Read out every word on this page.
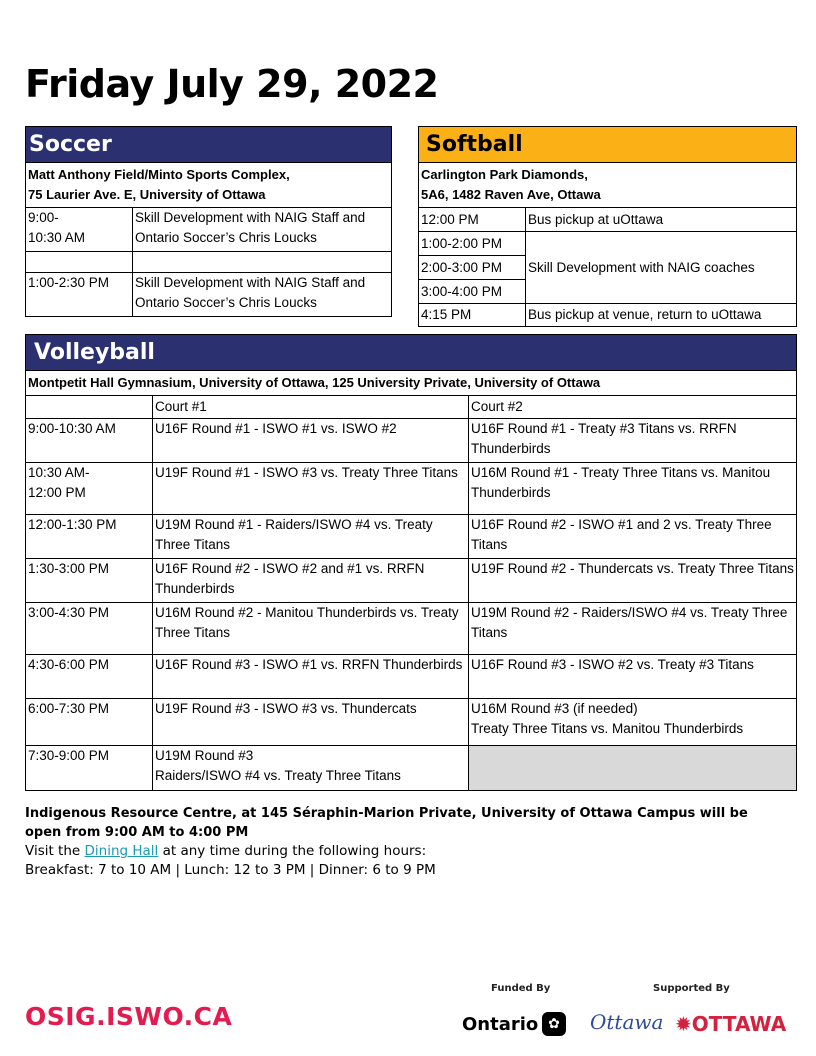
Friday July 29, 2022
Soccer	
Matt Anthony Field/Minto Sports Complex,
75 Laurier Ave. E, University of Ottawa	
9:00-
10:30 AM	Skill Development with NAIG Staff and Ontario Soccer’s Chris Loucks

1:00-2:30 PM	Skill Development with NAIG Staff and Ontario Soccer’s Chris Loucks
Softball	
Carlington Park Diamonds,
5A6, 1482 Raven Ave, Ottawa	
12:00 PM	Bus pickup at uOttawa
1:00-2:00 PM	Skill Development with NAIG coaches
2:00-3:00 PM	
3:00-4:00 PM	
4:15 PM	Bus pickup at venue, return to uOttawa
Volleyball		
Montpetit Hall Gymnasium, University of Ottawa, 125 University Private, University of Ottawa		
	Court #1	Court #2
9:00-10:30 AM	U16F Round #1 - ISWO #1 vs. ISWO #2	U16F Round #1 - Treaty #3 Titans vs. RRFN Thunderbirds
10:30 AM-
12:00 PM	U19F Round #1 - ISWO #3 vs. Treaty Three Titans	U16M Round #1 - Treaty Three Titans vs. Manitou Thunderbirds
12:00-1:30 PM	U19M Round #1 - Raiders/ISWO #4 vs. Treaty Three Titans	U16F Round #2 - ISWO #1 and 2 vs. Treaty Three Titans
1:30-3:00 PM	U16F Round #2 - ISWO #2 and #1 vs. RRFN Thunderbirds	U19F Round #2 - Thundercats vs. Treaty Three Titans
3:00-4:30 PM	U16M Round #2 - Manitou Thunderbirds vs. Treaty Three Titans	U19M Round #2 - Raiders/ISWO #4 vs. Treaty Three Titans
4:30-6:00 PM	U16F Round #3 - ISWO #1 vs. RRFN Thunderbirds	U16F Round #3 - ISWO #2 vs. Treaty #3 Titans
6:00-7:30 PM	U19F Round #3 - ISWO #3 vs. Thundercats	U16M Round #3 (if needed)
Treaty Three Titans vs. Manitou Thunderbirds
7:30-9:00 PM	U19M Round #3
Raiders/ISWO #4 vs. Treaty Three Titans	
Indigenous Resource Centre, at 145 Séraphin-Marion Private, University of Ottawa Campus will be open from 9:00 AM to 4:00 PM
Visit the Dining Hall at any time during the following hours:
Breakfast: 7 to 10 AM | Lunch: 12 to 3 PM | Dinner: 6 to 9 PM
OSIG.ISWO.CA
Funded By	Supported By
Ontario ✿	Ottawa ✹OTTAWA
